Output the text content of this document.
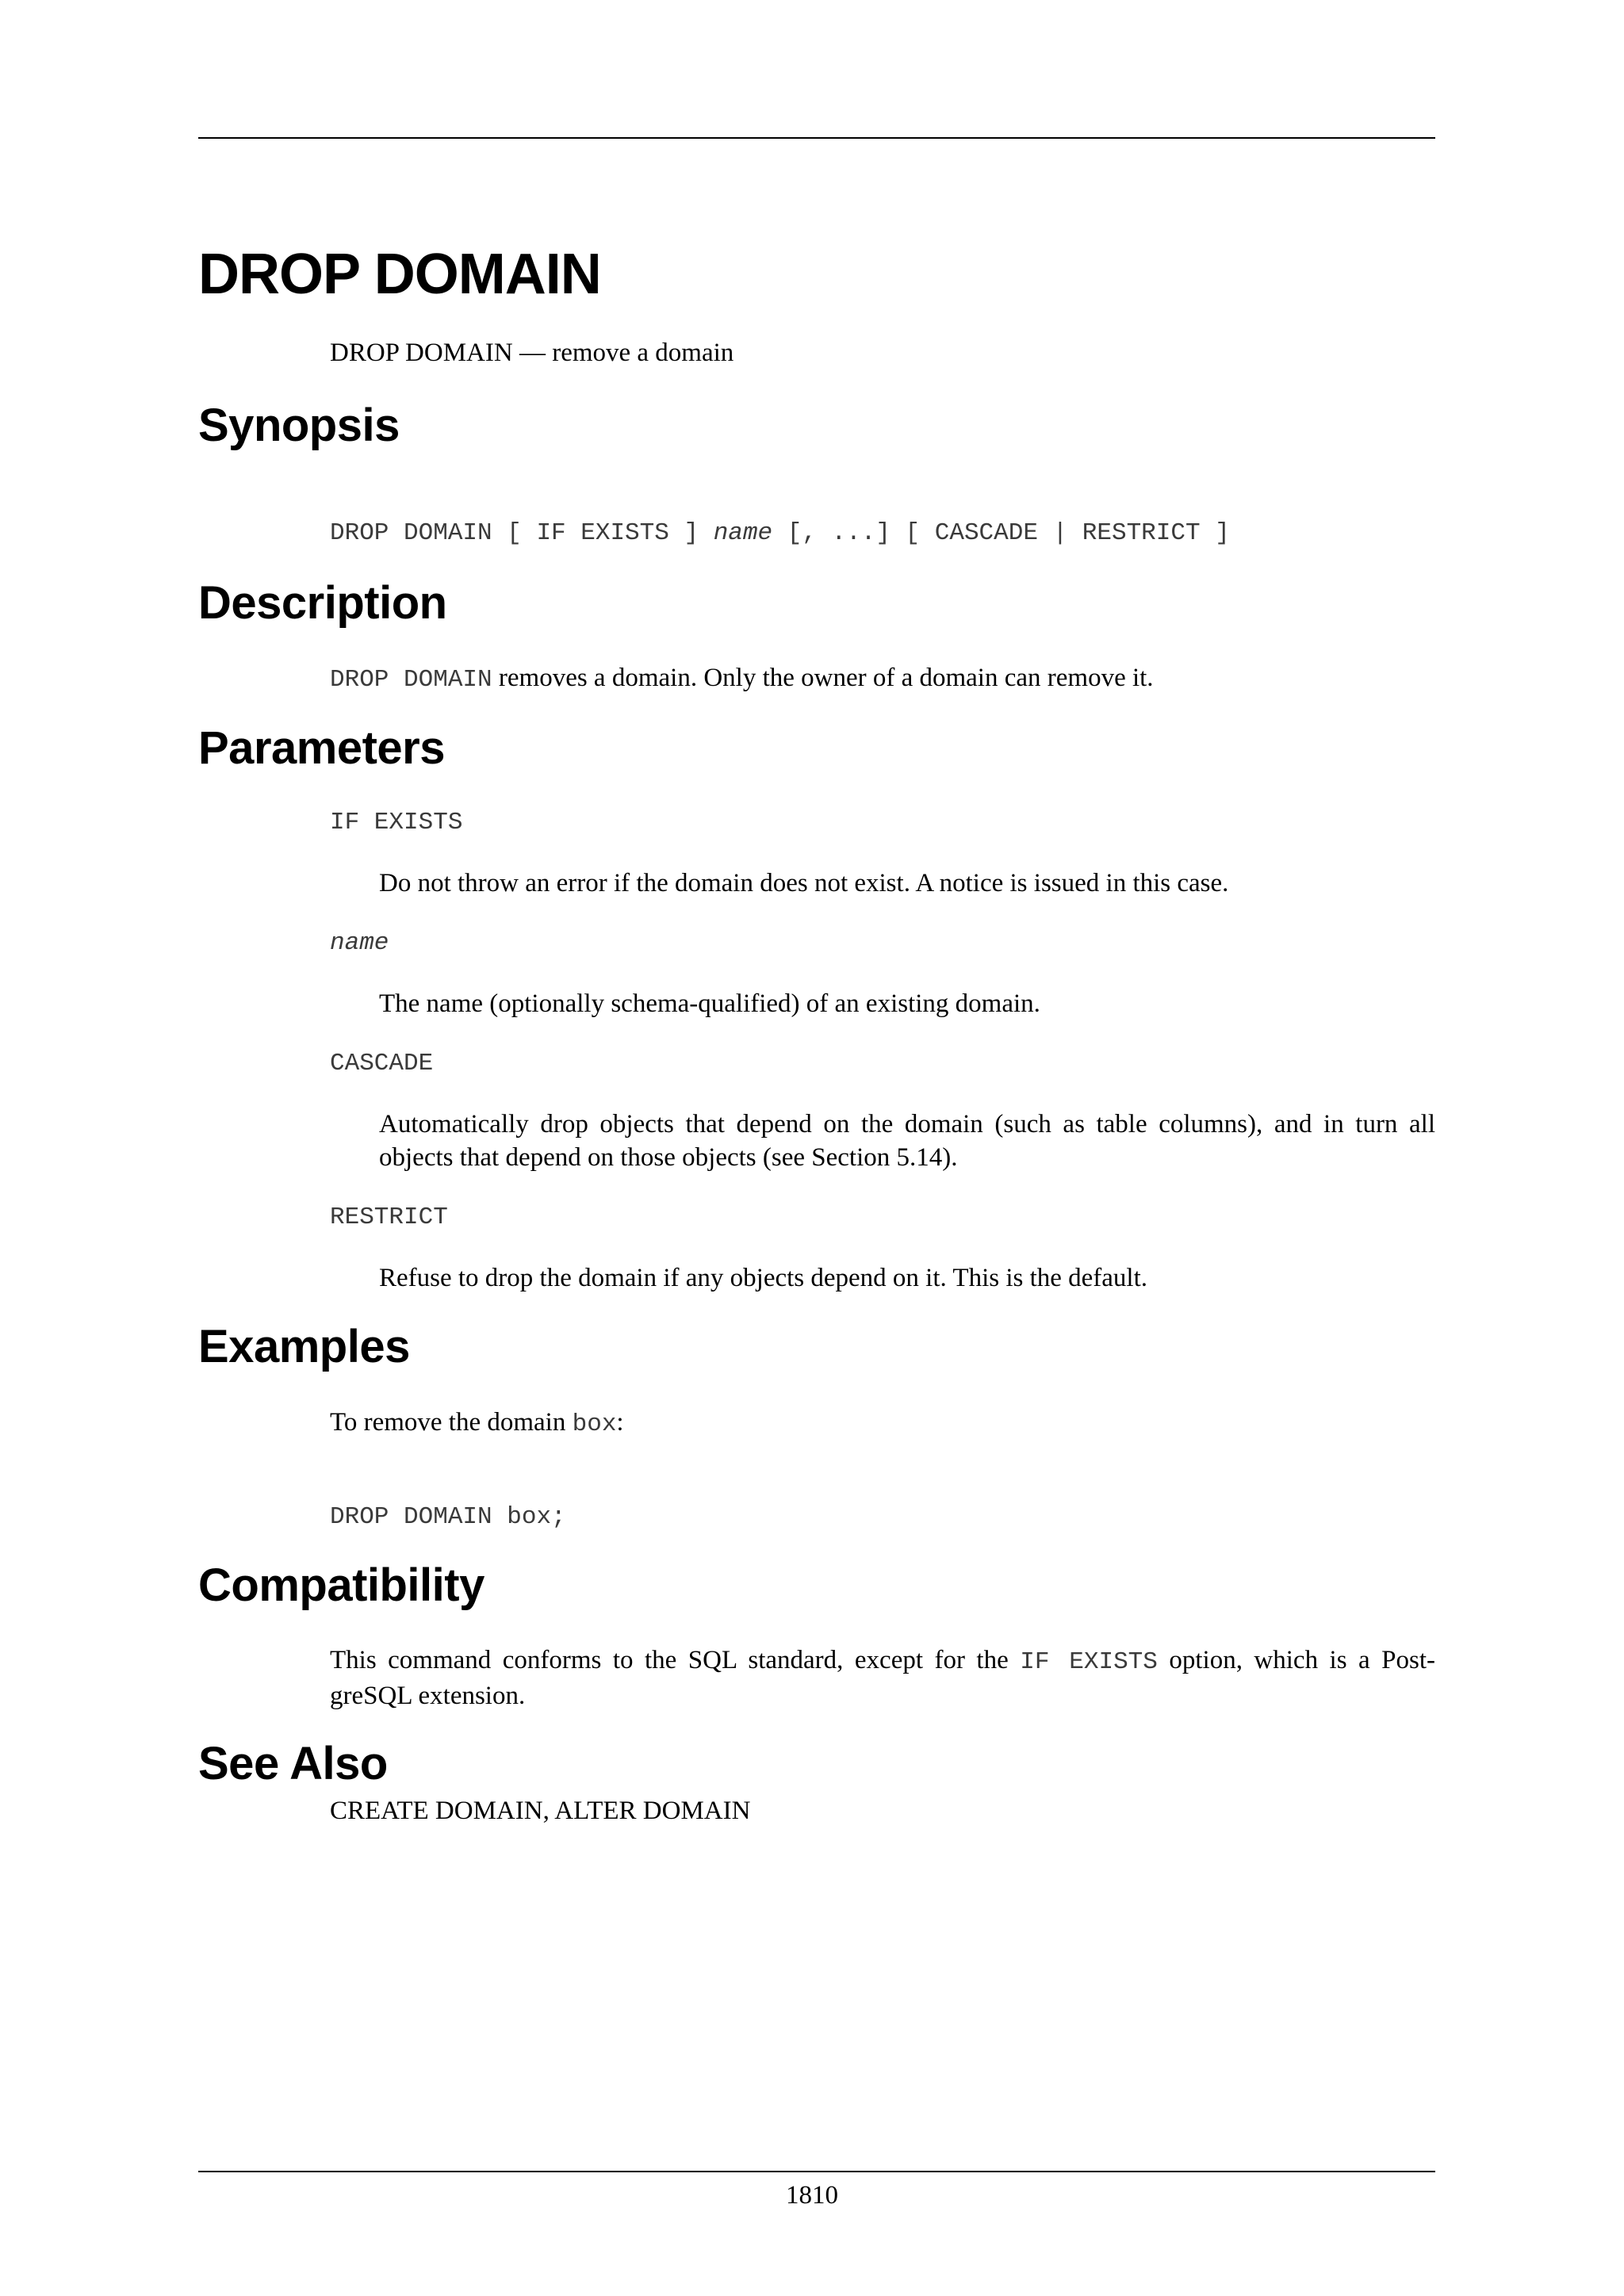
DROP DOMAIN
DROP DOMAIN — remove a domain
Synopsis
DROP DOMAIN [ IF EXISTS ] name [, ...] [ CASCADE | RESTRICT ]
Description
DROP DOMAIN removes a domain. Only the owner of a domain can remove it.
Parameters
IF EXISTS
Do not throw an error if the domain does not exist. A notice is issued in this case.
name
The name (optionally schema-qualified) of an existing domain.
CASCADE
Automatically drop objects that depend on the domain (such as table columns), and in turn all objects that depend on those objects (see Section 5.14).
RESTRICT
Refuse to drop the domain if any objects depend on it. This is the default.
Examples
To remove the domain box:
DROP DOMAIN box;
Compatibility
This command conforms to the SQL standard, except for the IF EXISTS option, which is a Post-greSQL extension.
See Also
CREATE DOMAIN, ALTER DOMAIN
1810
